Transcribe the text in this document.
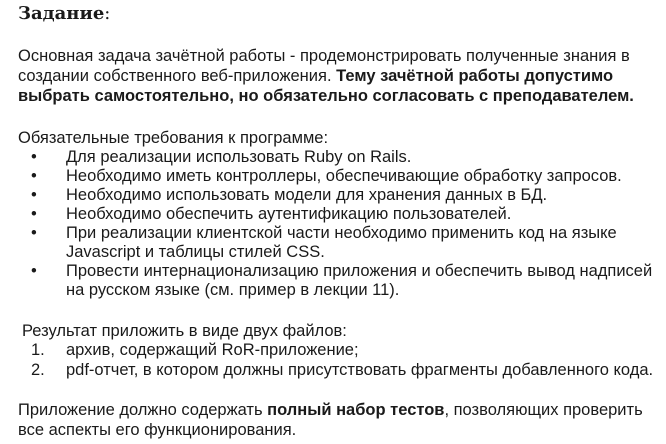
Задание:
Основная задача зачётной работы - продемонстрировать полученные знания в создании собственного веб-приложения. Тему зачётной работы допустимо выбрать самостоятельно, но обязательно согласовать с преподавателем.
Обязательные требования к программе:
• Для реализации использовать Ruby on Rails.
• Необходимо иметь контроллеры, обеспечивающие обработку запросов.
• Необходимо использовать модели для хранения данных в БД.
• Необходимо обеспечить аутентификацию пользователей.
• При реализации клиентской части необходимо применить код на языке Javascript и таблицы стилей CSS.
• Провести интернационализацию приложения и обеспечить вывод надписей на русском языке (см. пример в лекции 11).
Результат приложить в виде двух файлов:
1. архив, содержащий RoR-приложение;
2. pdf-отчет, в котором должны присутствовать фрагменты добавленного кода.
Приложение должно содержать полный набор тестов, позволяющих проверить все аспекты его функционирования.
